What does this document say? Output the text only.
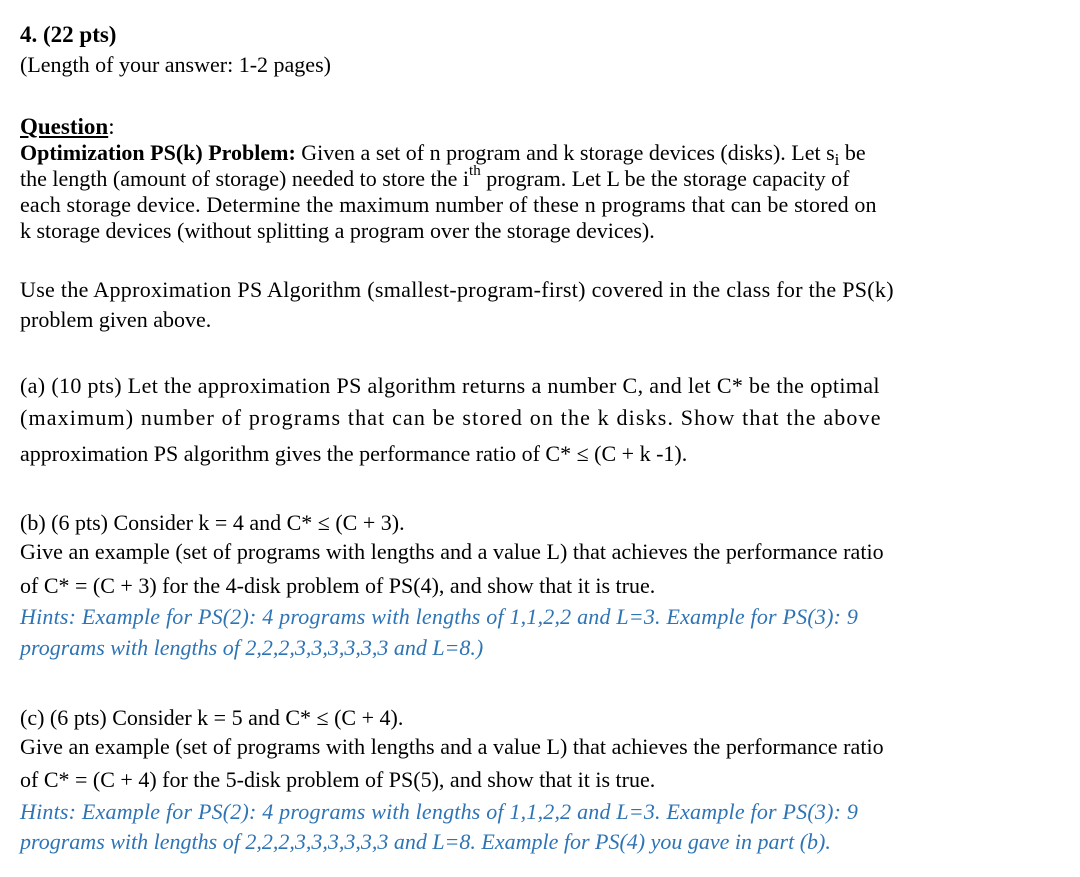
4. (22 pts)
(Length of your answer: 1-2 pages)
Question:
Optimization PS(k) Problem: Given a set of n program and k storage devices (disks). Let $s_i$ be
the length (amount of storage) needed to store the $i^{th}$ program. Let L be the storage capacity of
each storage device. Determine the maximum number of these n programs that can be stored on
k storage devices (without splitting a program over the storage devices).
Use the Approximation PS Algorithm (smallest-program-first) covered in the class for the PS(k)
problem given above.
(a) (10 pts) Let the approximation PS algorithm returns a number C, and let C* be the optimal
(maximum) number of programs that can be stored on the k disks. Show that the above
approximation PS algorithm gives the performance ratio of C* ≤ (C + k -1).
(b) (6 pts) Consider k = 4 and C* ≤ (C + 3).
Give an example (set of programs with lengths and a value L) that achieves the performance ratio
of C* = (C + 3) for the 4-disk problem of PS(4), and show that it is true.
Hints: Example for PS(2): 4 programs with lengths of 1,1,2,2 and L=3. Example for PS(3): 9
programs with lengths of 2,2,2,3,3,3,3,3,3 and L=8.)
(c) (6 pts) Consider k = 5 and C* ≤ (C + 4).
Give an example (set of programs with lengths and a value L) that achieves the performance ratio
of C* = (C + 4) for the 5-disk problem of PS(5), and show that it is true.
Hints: Example for PS(2): 4 programs with lengths of 1,1,2,2 and L=3. Example for PS(3): 9
programs with lengths of 2,2,2,3,3,3,3,3,3 and L=8. Example for PS(4) you gave in part (b).
